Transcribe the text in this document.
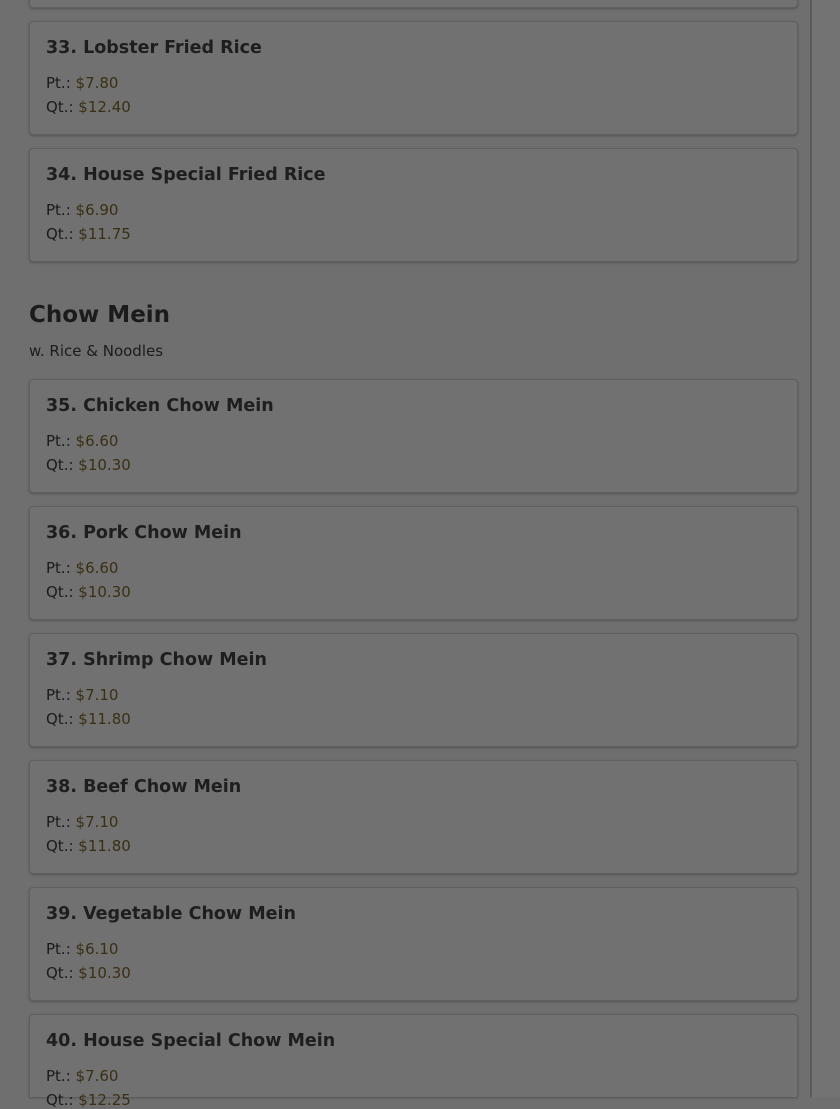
33. Lobster Fried Rice
Pt.: $7.80
Qt.: $12.40
34. House Special Fried Rice
Pt.: $6.90
Qt.: $11.75
Chow Mein
w. Rice & Noodles
35. Chicken Chow Mein
Pt.: $6.60
Qt.: $10.30
36. Pork Chow Mein
Pt.: $6.60
Qt.: $10.30
37. Shrimp Chow Mein
Pt.: $7.10
Qt.: $11.80
38. Beef Chow Mein
Pt.: $7.10
Qt.: $11.80
39. Vegetable Chow Mein
Pt.: $6.10
Qt.: $10.30
40. House Special Chow Mein
Pt.: $7.60
Qt.: $12.25
